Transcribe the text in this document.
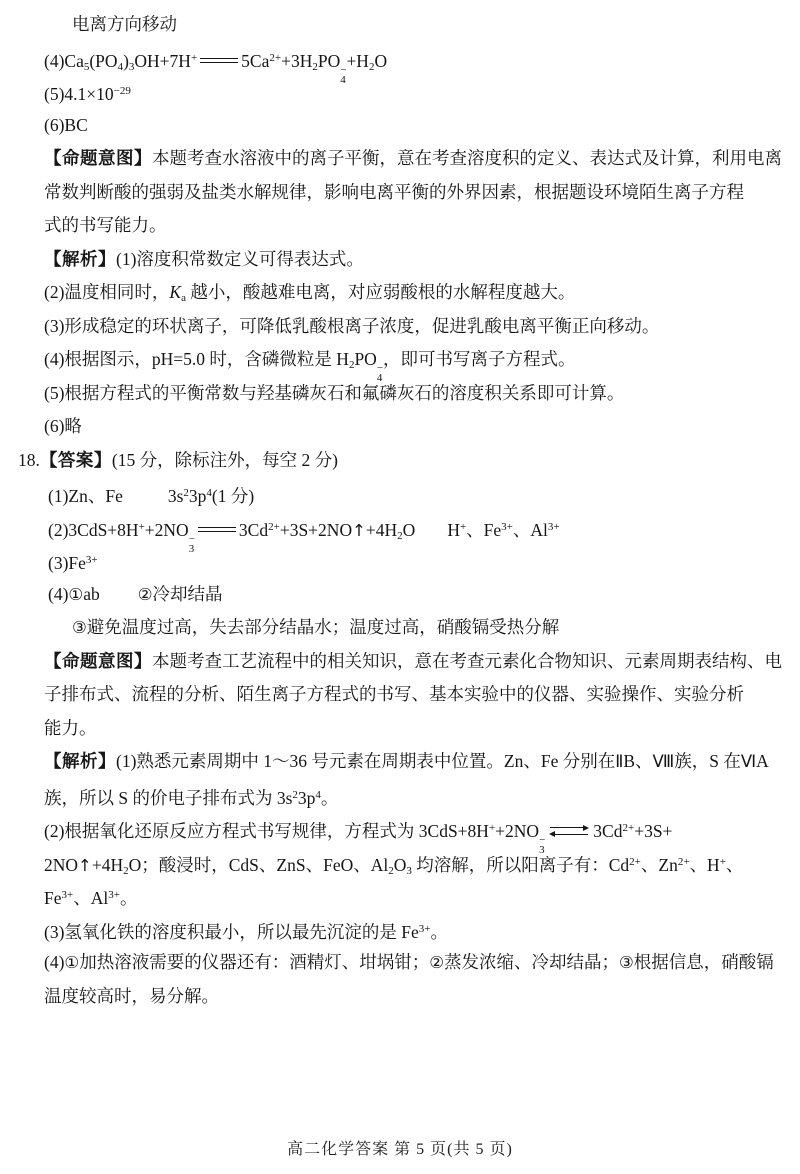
电离方向移动
$(4)Ca_5(PO_4)_3OH+7H^+$	$5Ca^{2+}+3H_2PO$ −
4
$+H_2O$
$(5)4.1\times 10^{-29}$
(6)BC
【命题意图】本题考查水溶液中的离子平衡，意在考查溶度积的定义、表达式及计算，利用电离
常数判断酸的强弱及盐类水解规律，影响电离平衡的外界因素，根据题设环境陌生离子方程
式的书写能力。
【解析】(1)溶度积常数定义可得表达式。
(2)温度相同时，$K_a$ 越小，酸越难电离，对应弱酸根的水解程度越大。
(3)形成稳定的环状离子，可降低乳酸根离子浓度，促进乳酸电离平衡正向移动。
(4)根据图示，pH=5.0 时，含磷微粒是 $H_2PO$ −
4
，即可书写离子方程式。
(5)根据方程式的平衡常数与羟基磷灰石和氟磷灰石的溶度积关系即可计算。
(6)略
18.【答案】(15 分，除标注外，每空 2 分)
(1)Zn、Fe	$3s^23p^4(1$ 分)
(2)3CdS+8H++2NO −
3
$3Cd^{2+}+3S+2NO↑+4H_2O$ H+、$Fe^{3+}$、$Al^{3+}$
$(3)Fe^{3+}$
(4)①ab ②冷却结晶
③避免温度过高，失去部分结晶水；温度过高，硝酸镉受热分解
【命题意图】本题考查工艺流程中的相关知识，意在考查元素化合物知识、元素周期表结构、电
子排布式、流程的分析、陌生离子方程式的书写、基本实验中的仪器、实验操作、实验分析
能力。
【解析】(1)熟悉元素周期中 1～36 号元素在周期表中位置。Zn、Fe 分别在ⅡB、Ⅷ族，S 在ⅥA
族，所以 S 的价电子排布式为 $3s^23p^4$。
(2)根据氧化还原反应方程式书写规律，方程式为 3CdS+8H++2NO −
3
$3Cd^{2+}+3S+$
$2NO↑+4H_2O$；酸浸时，CdS、ZnS、FeO、$Al_2O_3$ 均溶解，所以阳离子有：$Cd^{2+}$、$Zn^{2+}$、H+、
$Fe^{3+}$、$Al^{3+}$。
(3)氢氧化铁的溶度积最小，所以最先沉淀的是 $Fe^{3+}$。
(4)①加热溶液需要的仪器还有：酒精灯、坩埚钳；②蒸发浓缩、冷却结晶；③根据信息，硝酸镉
温度较高时，易分解。
高二化学答案 第 5 页(共 5 页)
